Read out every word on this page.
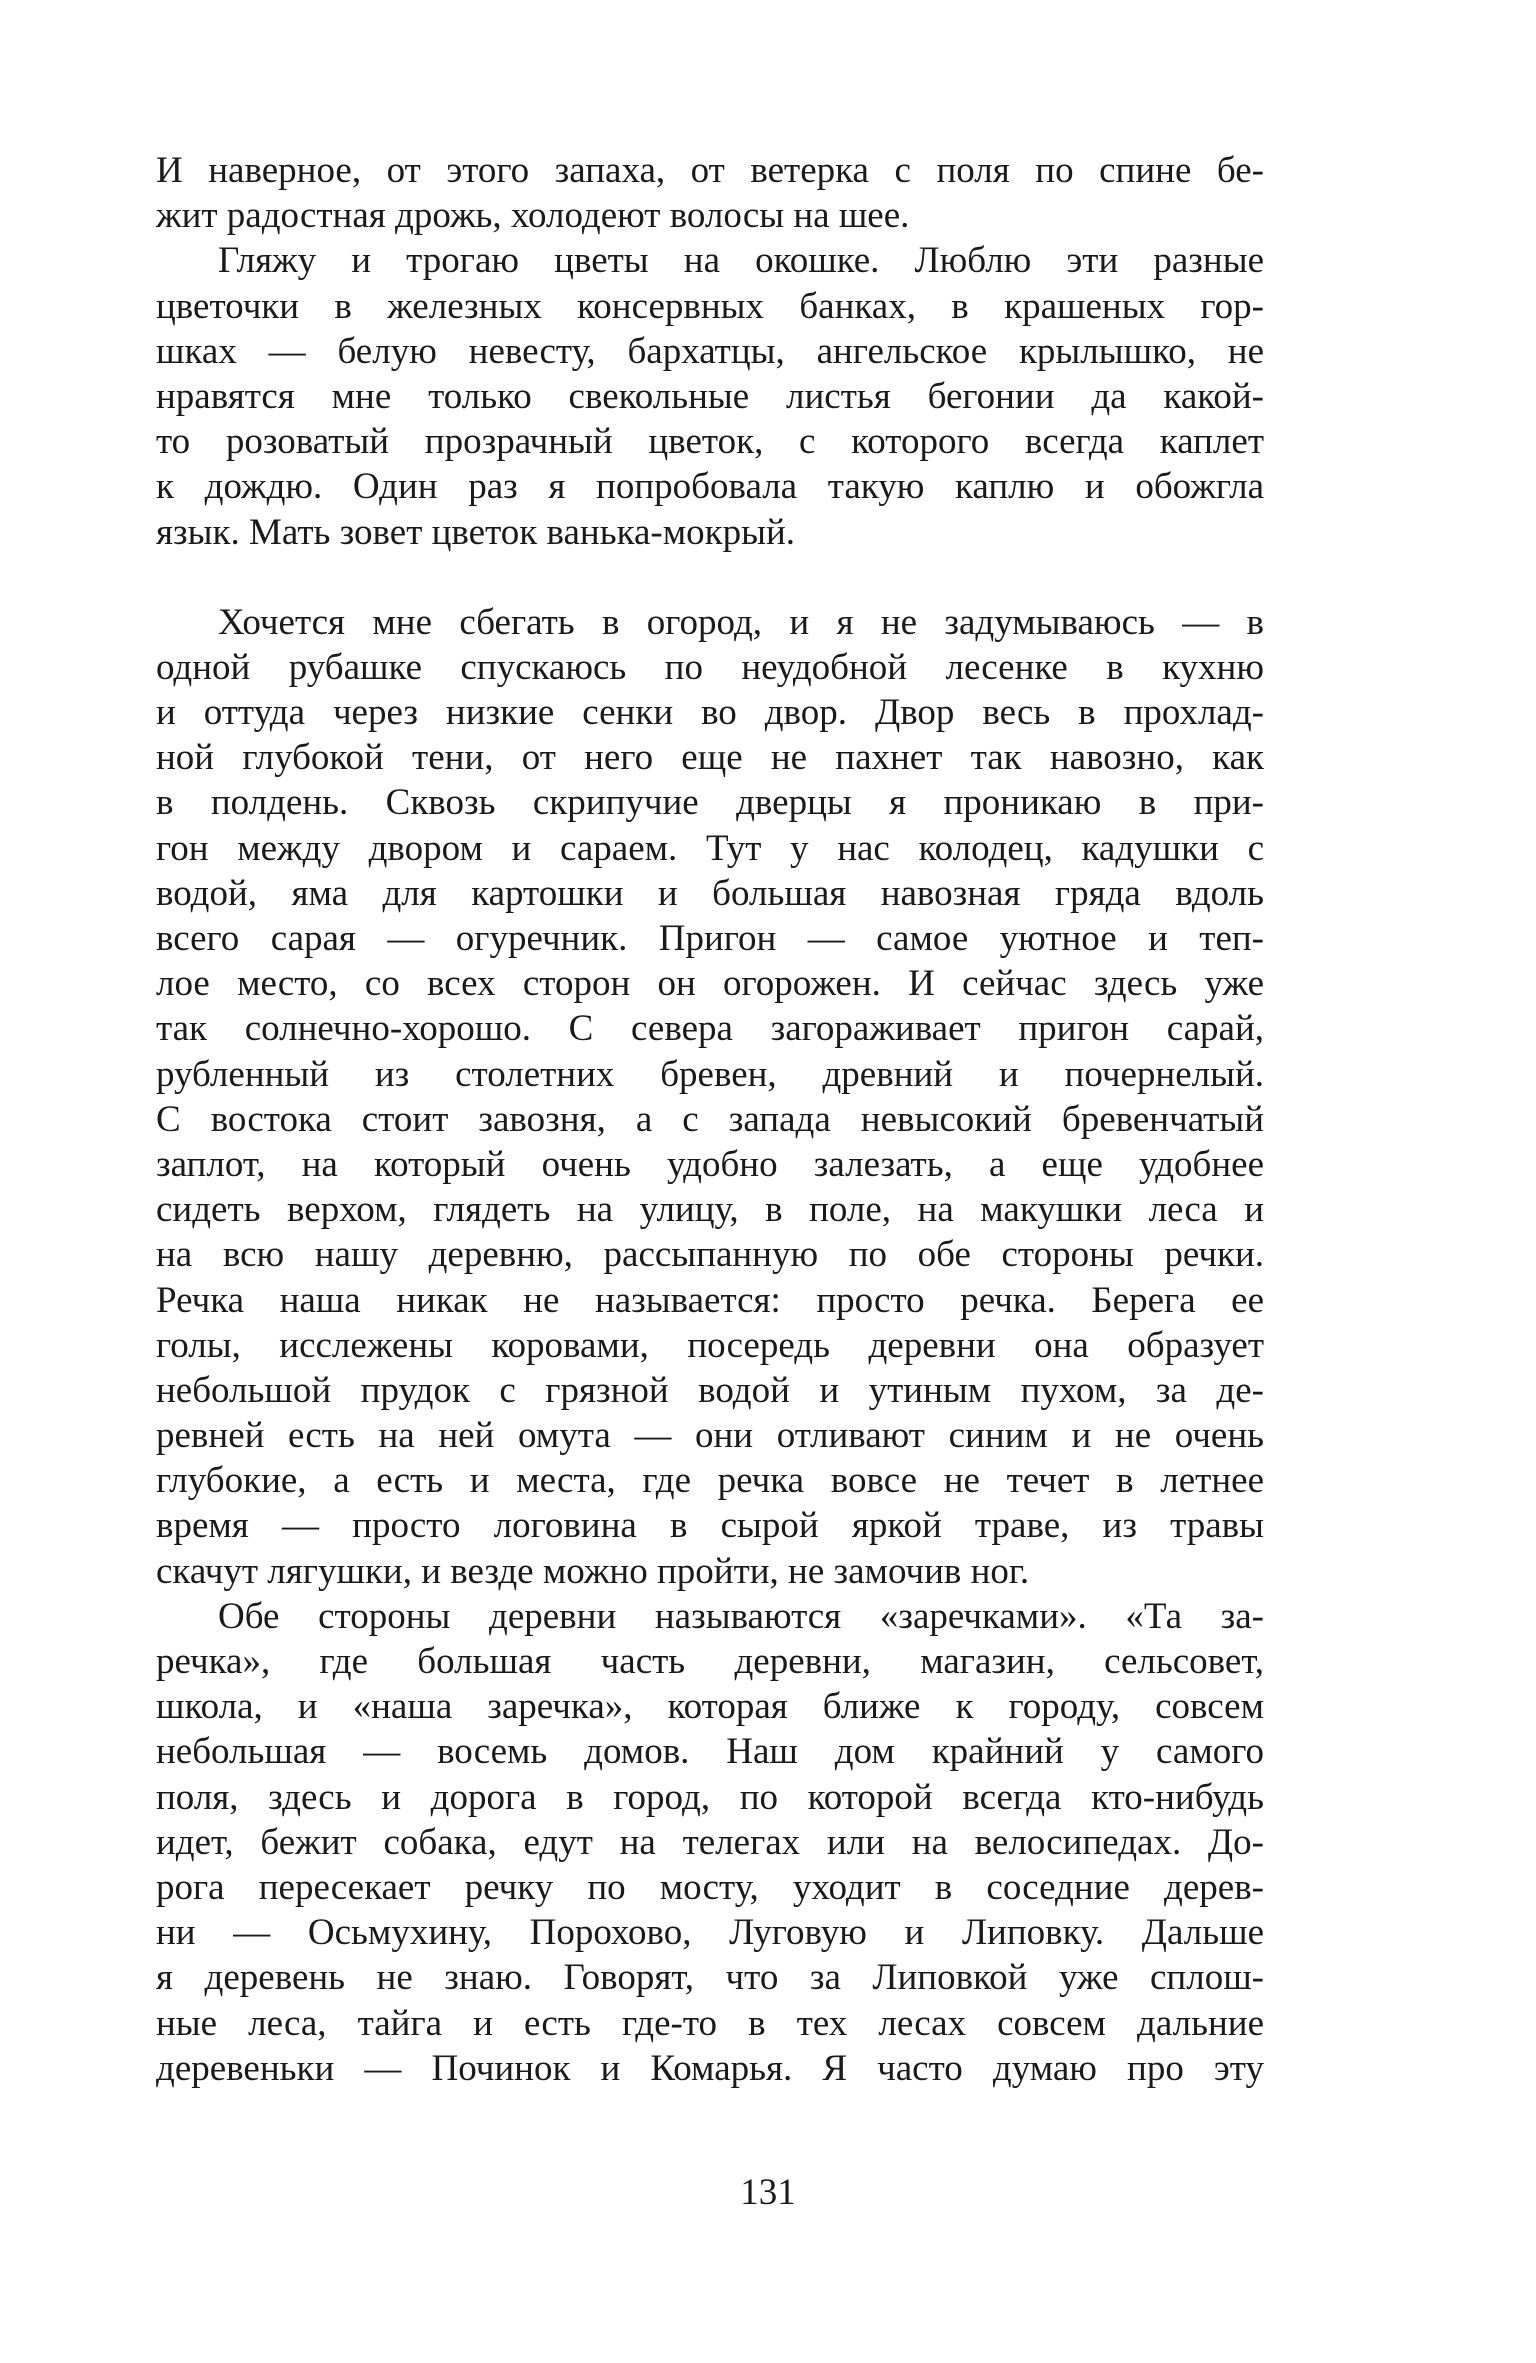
И наверное, от этого запаха, от ветерка с поля по спине бе-
жит радостная дрожь, холодеют волосы на шее.
Гляжу и трогаю цветы на окошке. Люблю эти разные
цветочки в железных консервных банках, в крашеных гор-
шках — белую невесту, бархатцы, ангельское крылышко, не
нравятся мне только свекольные листья бегонии да какой-
то розоватый прозрачный цветок, с которого всегда каплет
к дождю. Один раз я попробовала такую каплю и обожгла
язык. Мать зовет цветок ванька-мокрый.
Хочется мне сбегать в огород, и я не задумываюсь — в
одной рубашке спускаюсь по неудобной лесенке в кухню
и оттуда через низкие сенки во двор. Двор весь в прохлад-
ной глубокой тени, от него еще не пахнет так навозно, как
в полдень. Сквозь скрипучие дверцы я проникаю в при-
гон между двором и сараем. Тут у нас колодец, кадушки с
водой, яма для картошки и большая навозная гряда вдоль
всего сарая — огуречник. Пригон — самое уютное и теп-
лое место, со всех сторон он огорожен. И сейчас здесь уже
так солнечно-хорошо. С севера загораживает пригон сарай,
рубленный из столетних бревен, древний и почернелый.
С востока стоит завозня, а с запада невысокий бревенчатый
заплот, на который очень удобно залезать, а еще удобнее
сидеть верхом, глядеть на улицу, в поле, на макушки леса и
на всю нашу деревню, рассыпанную по обе стороны речки.
Речка наша никак не называется: просто речка. Берега ее
голы, исслежены коровами, посередь деревни она образует
небольшой прудок с грязной водой и утиным пухом, за де-
ревней есть на ней омута — они отливают синим и не очень
глубокие, а есть и места, где речка вовсе не течет в летнее
время — просто логовина в сырой яркой траве, из травы
скачут лягушки, и везде можно пройти, не замочив ног.
Обе стороны деревни называются «заречками». «Та за-
речка», где большая часть деревни, магазин, сельсовет,
школа, и «наша заречка», которая ближе к городу, совсем
небольшая — восемь домов. Наш дом крайний у самого
поля, здесь и дорога в город, по которой всегда кто-нибудь
идет, бежит собака, едут на телегах или на велосипедах. До-
рога пересекает речку по мосту, уходит в соседние дерев-
ни — Осьмухину, Порохово, Луговую и Липовку. Дальше
я деревень не знаю. Говорят, что за Липовкой уже сплош-
ные леса, тайга и есть где-то в тех лесах совсем дальние
деревеньки — Починок и Комарья. Я часто думаю про эту
131
